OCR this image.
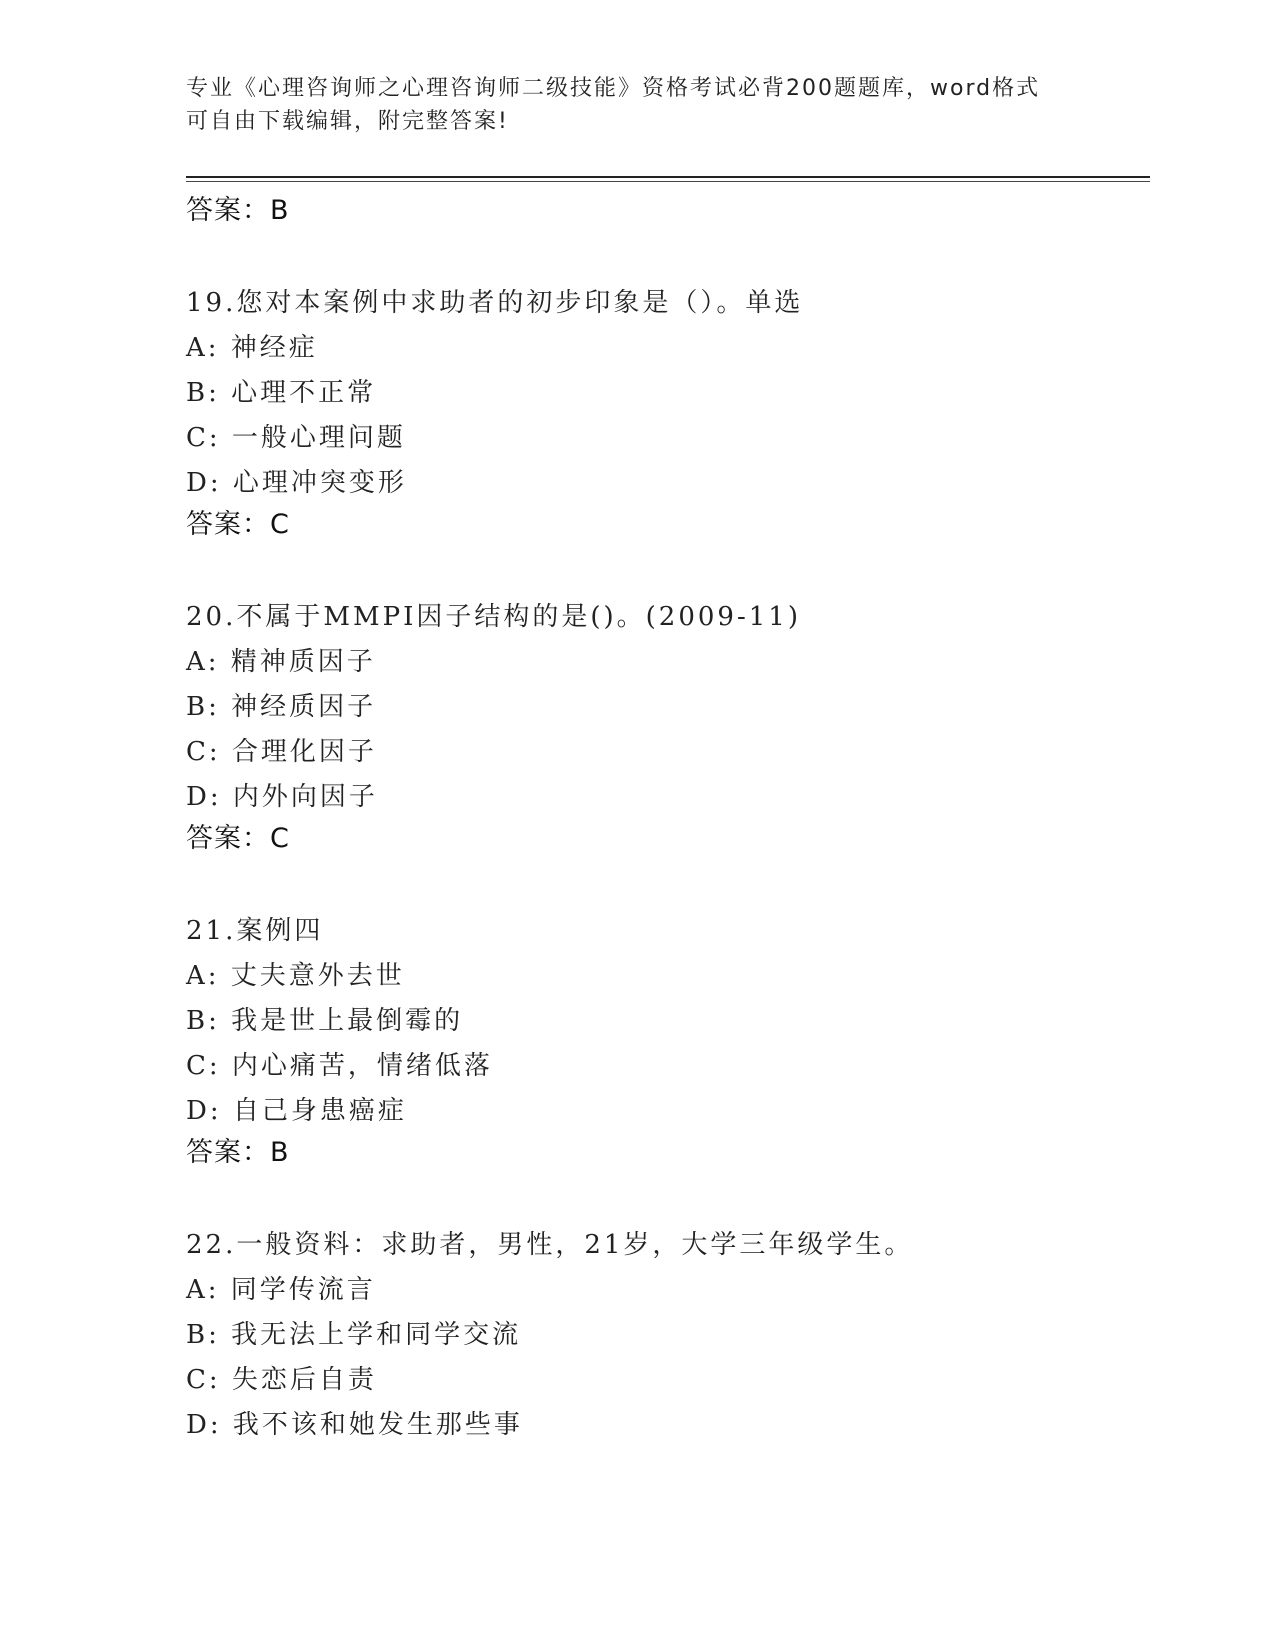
专业《心理咨询师之心理咨询师二级技能》资格考试必背200题题库，word格式
可自由下载编辑，附完整答案!
答案：B
19.您对本案例中求助者的初步印象是（）。单选
A: 神经症
B: 心理不正常
C: 一般心理问题
D: 心理冲突变形
答案：C
20.不属于MMPI因子结构的是()。(2009-11)
A: 精神质因子
B: 神经质因子
C: 合理化因子
D: 内外向因子
答案：C
21.案例四
A: 丈夫意外去世
B: 我是世上最倒霉的
C: 内心痛苦，情绪低落
D: 自己身患癌症
答案：B
22.一般资料：求助者，男性，21岁，大学三年级学生。
A: 同学传流言
B: 我无法上学和同学交流
C: 失恋后自责
D: 我不该和她发生那些事
